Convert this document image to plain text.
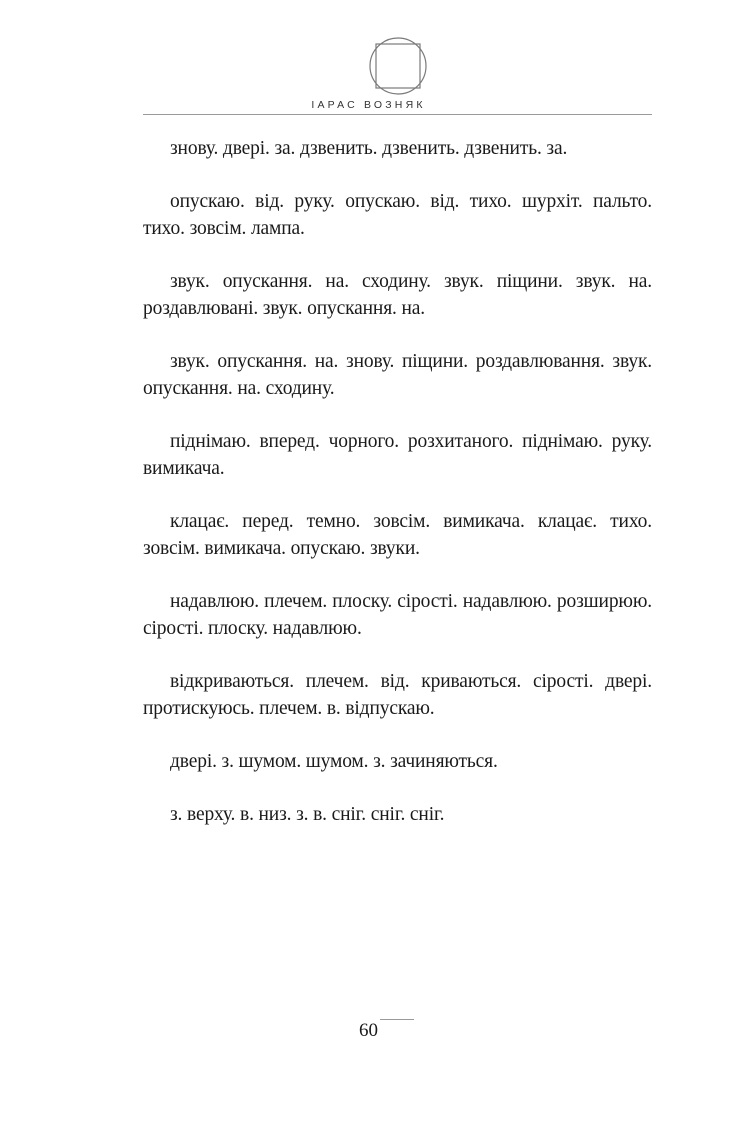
ІАРАС ВОЗНЯК

знову. двері. за. дзвенить. дзвенить. дзвенить. за.

опускаю. від. руку. опускаю. від. тихо. шурхіт. пальто. тихо. зовсім. лампа.

звук. опускання. на. сходину. звук. піщини. звук. на. роздавлювані. звук. опускання. на.

звук. опускання. на. знову. піщини. роздавлювання. звук. опускання. на. сходину.

піднімаю. вперед. чорного. розхитаного. піднімаю. руку. вимикача.

клацає. перед. темно. зовсім. вимикача. клацає. тихо. зовсім. вимикача. опускаю. звуки.

надавлюю. плечем. плоску. сірості. надавлюю. розширюю. сірості. плоску. надавлюю.

відкриваються. плечем. від. криваються. сірості. двері. протискуюсь. плечем. в. відпускаю.

двері. з. шумом. шумом. з. зачиняються.

з. верху. в. низ. з. в. сніг. сніг. сніг.

60
